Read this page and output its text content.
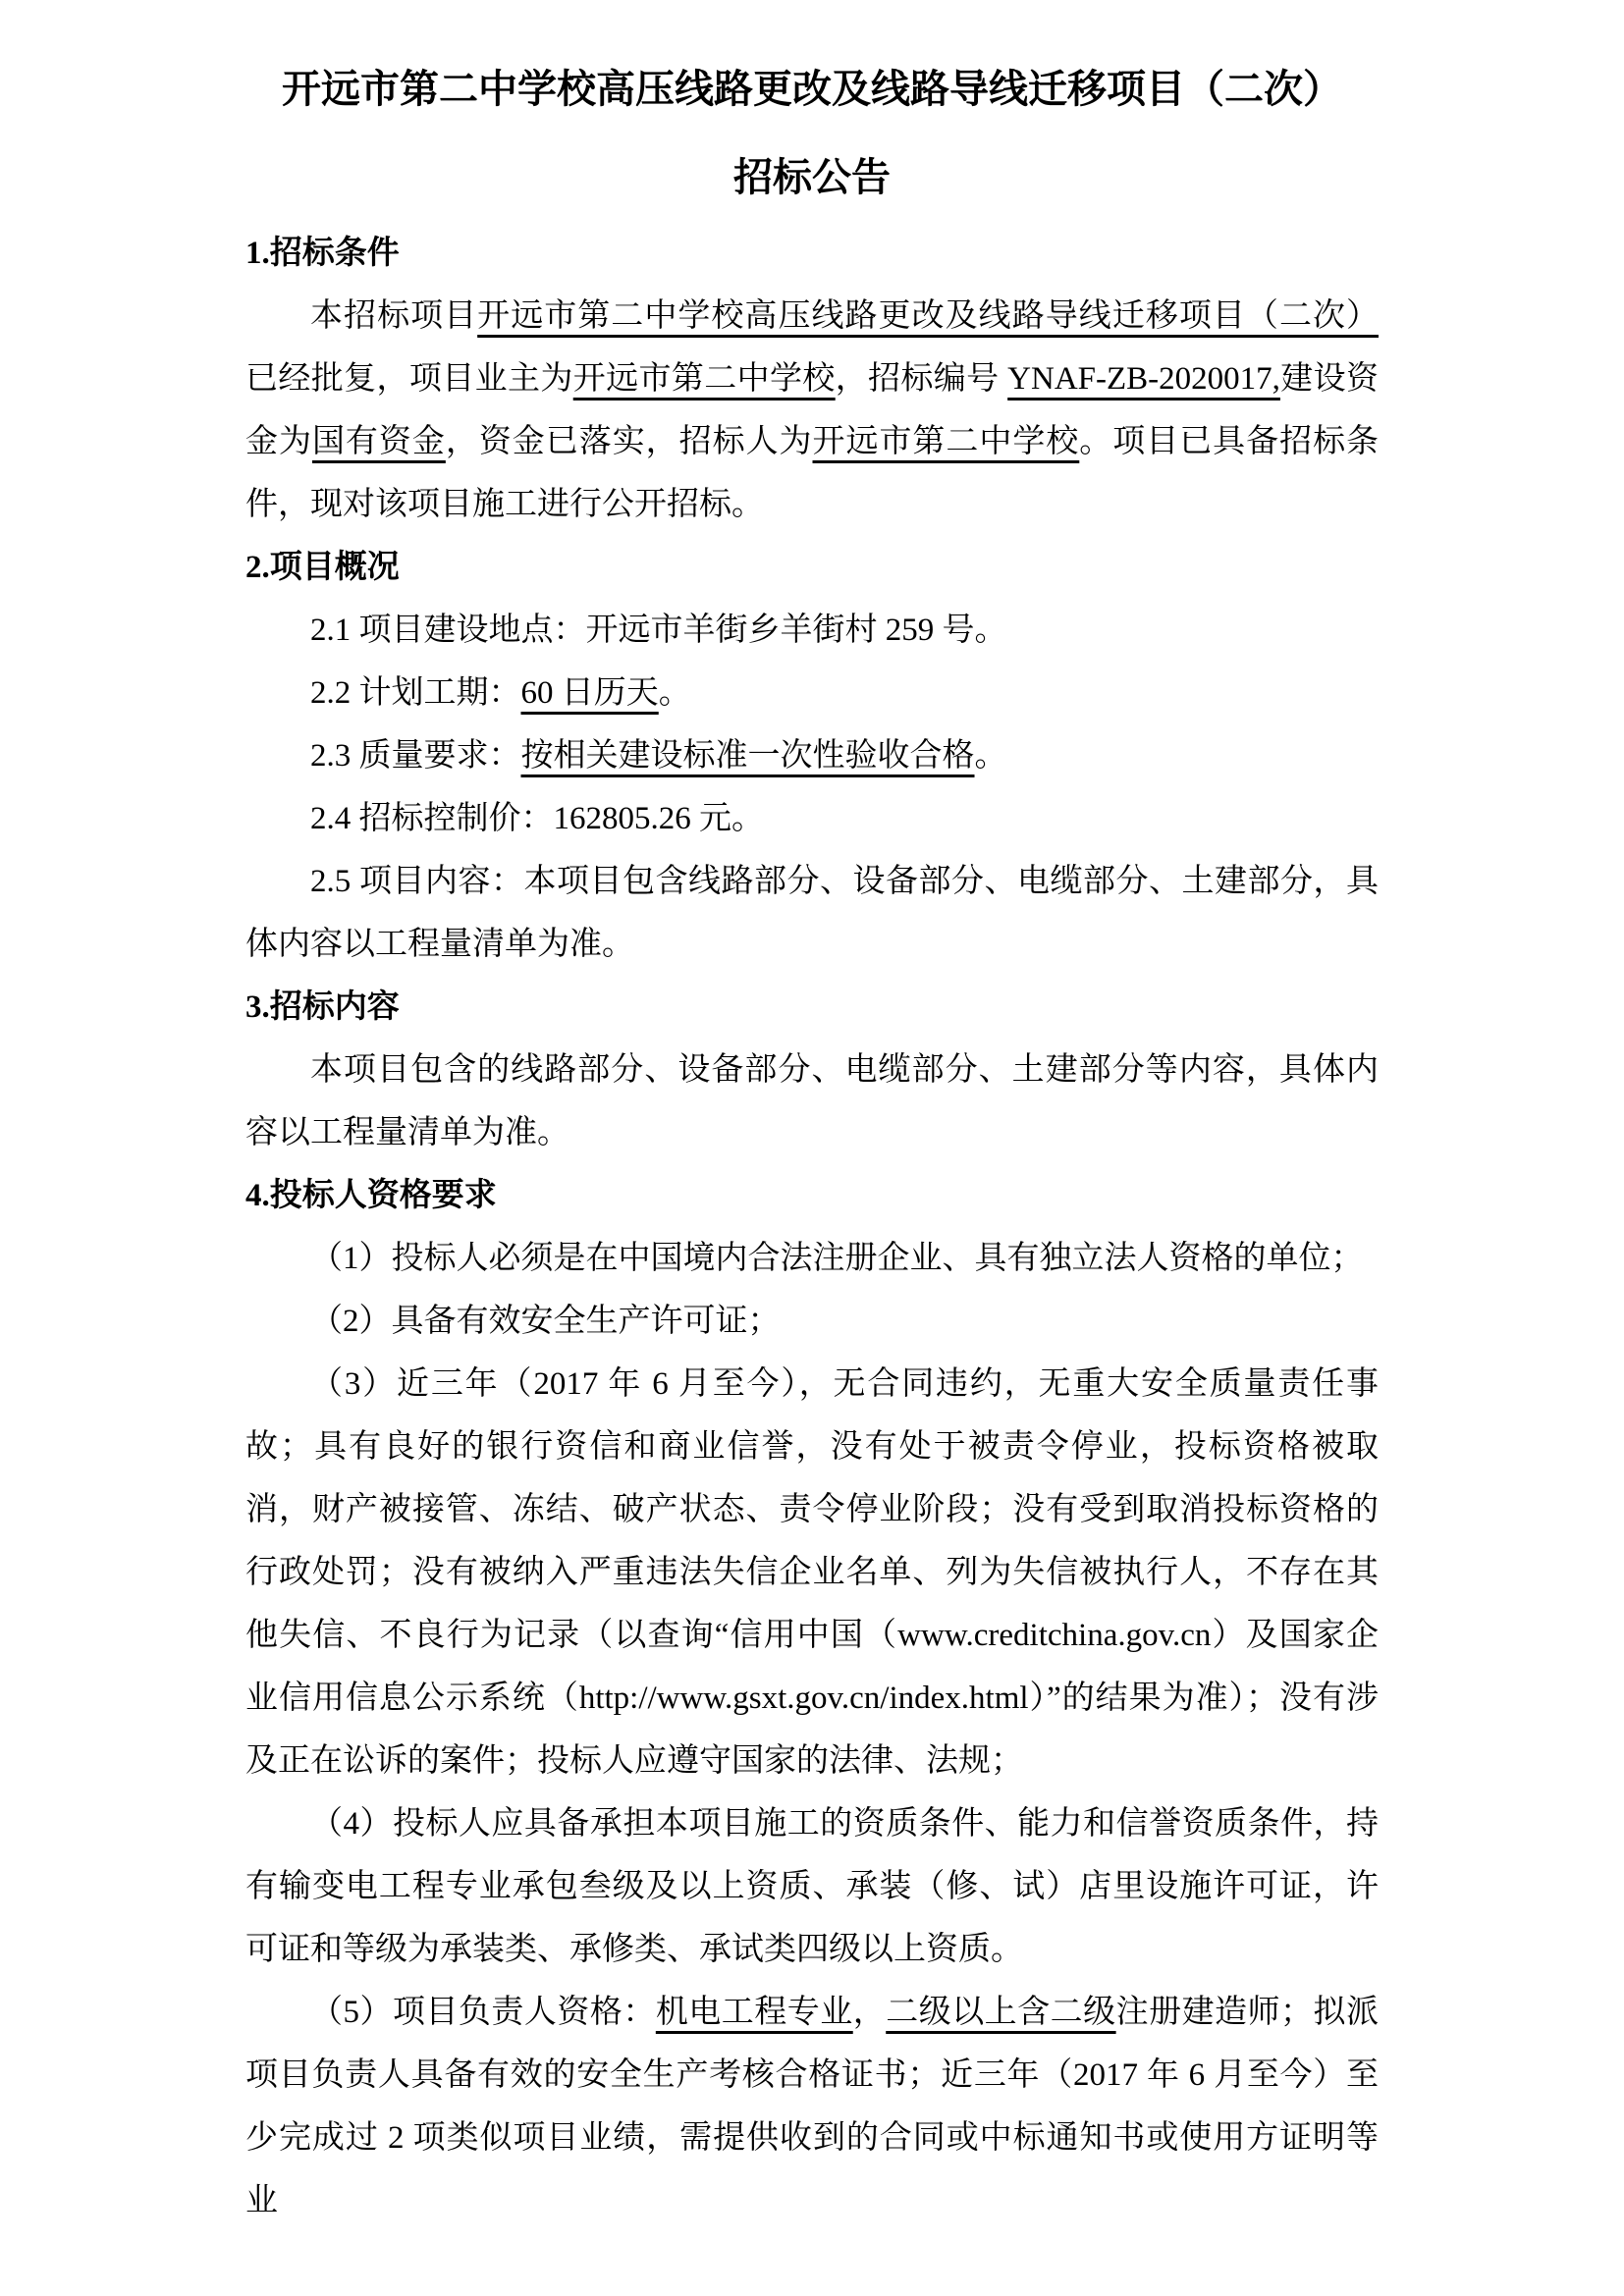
开远市第二中学校高压线路更改及线路导线迁移项目（二次）
招标公告
1.招标条件

本招标项目开远市第二中学校高压线路更改及线路导线迁移项目（二次）已经批复，项目业主为开远市第二中学校，招标编号 YNAF-ZB-2020017,建设资金为国有资金，资金已落实，招标人为开远市第二中学校。项目已具备招标条件，现对该项目施工进行公开招标。

2.项目概况

2.1 项目建设地点：开远市羊街乡羊街村 259 号。

2.2 计划工期：60 日历天。

2.3 质量要求：按相关建设标准一次性验收合格。

2.4 招标控制价：162805.26 元。

2.5 项目内容：本项目包含线路部分、设备部分、电缆部分、土建部分，具体内容以工程量清单为准。

3.招标内容

本项目包含的线路部分、设备部分、电缆部分、土建部分等内容，具体内容以工程量清单为准。

4.投标人资格要求

（1）投标人必须是在中国境内合法注册企业、具有独立法人资格的单位；

（2）具备有效安全生产许可证；

（3）近三年（2017 年 6 月至今），无合同违约，无重大安全质量责任事故；具有良好的银行资信和商业信誉，没有处于被责令停业，投标资格被取消，财产被接管、冻结、破产状态、责令停业阶段；没有受到取消投标资格的行政处罚；没有被纳入严重违法失信企业名单、列为失信被执行人，不存在其他失信、不良行为记录（以查询“信用中国（www.creditchina.gov.cn）及国家企业信用信息公示系统（http://www.gsxt.gov.cn/index.html）”的结果为准）；没有涉及正在讼诉的案件；投标人应遵守国家的法律、法规；

（4）投标人应具备承担本项目施工的资质条件、能力和信誉资质条件，持有输变电工程专业承包叁级及以上资质、承装（修、试）店里设施许可证，许可证和等级为承装类、承修类、承试类四级以上资质。

（5）项目负责人资格：机电工程专业，二级以上含二级注册建造师；拟派项目负责人具备有效的安全生产考核合格证书；近三年（2017 年 6 月至今）至少完成过 2 项类似项目业绩，需提供收到的合同或中标通知书或使用方证明等业
